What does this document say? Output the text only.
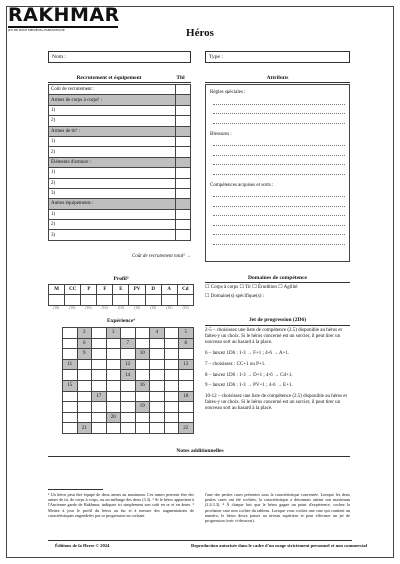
RAKHMAR
JEU DE RÔLE MÉDIÉVAL-FANTASTIQUE	Héros
Nom :	Type :
Recrutement et équipement	Thl
Coût de recrutement :	
Armes de corps à corps¹ :	
1)	
2)	
Armes de tir¹ :	
1)	
2)	
Éléments d'armure :	
1)	
2)	
3)	
Autres équipements :	
1)	
2)	
3)	
Coût de recrutement total² →
Attributs
Règles spéciales :
Blessures :
Compétences acquises et sorts :
Profil³
M	CC	P	F	E	PV	D	A	Cd

(10)	(10)	(10)	(10)	(10)	(10)	(10)	(10)	(10)
Expérience⁴
	2		3			4		5
	6			7				8
	9				10			
11				12				13
				14				
15					16			
		17						18
					19			
			20					
	21							22
Domaines de compétence
☐ Corps à corps ☐ Tir ☐ Érudition ☐ Agilité
☐ Domaine(s) spécifique(s) :
Jet de progression (2D6)

2-5 – choisissez une liste de compétence (2.5) disponible au héros et faites-y un choix. Si le héros concerné est un sorcier, il peut tirer un nouveau sort au hasard à la place.

6 – lancez 1D6 : 1-3 → F+1 ; 4-6 → A+1.

7 – choisissez : CC+1 ou P+1.

8 – lancez 1D6 : 1-3 → D+1 ; 4-6 → Cd+1.

9 – lancez 1D6 : 1-3 → PV+1 ; 4-6 → E+1.

10-12 – choisissez une liste de compétence (2.5) disponible au héros et faites-y un choix. Si le héros concerné est un sorcier, il peut tirer un nouveau sort au hasard à la place.

Notes additionnelles
¹ Un héros peut être équipé de deux armes au maximum. Ces armes peuvent être des armes de tir, de corps à corps, ou un mélange des deux (3.3). ² Si le héros appartient à l'Ancienne garde de Rakhmar, indiquez ici simplement son coût en or et en âmes. ³ Mettez à jour le profil du héros au fur et à mesure des augmentations de caractéristiques engendrées par sa progression en cochant
l'une des petites cases présentes sous la caractéristique concernée. Lorsque les deux petites cases ont été cochées, la caractéristique a désormais atteint son maximum (2.4.3.3). ⁴ À chaque fois que le héros gagne un point d'expérience, cochez la prochaine case non cochée du tableau. Lorsque vous cochez une case qui contient un numéro, le héros devra passer au niveau supérieur et peut effectuer un jet de progression (voir ci-dessous).
Éditions de la Herse © 2024	Reproduction autorisée dans le cadre d'un usage strictement personnel et non commercial
